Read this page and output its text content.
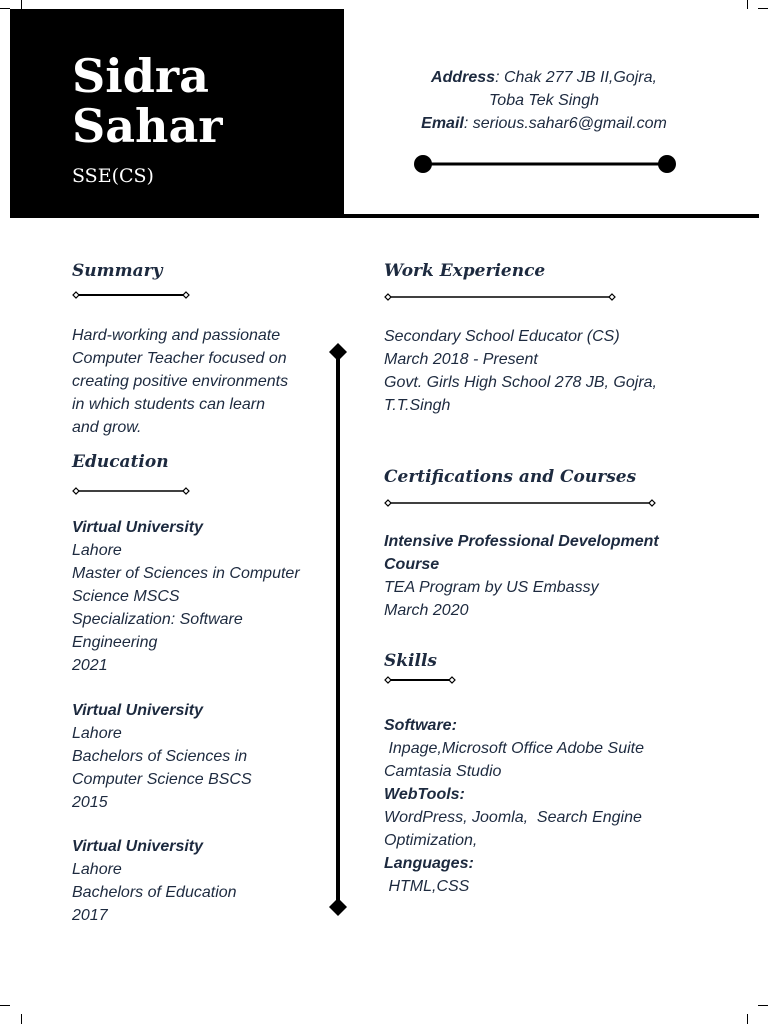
Sidra
Sahar
SSE(CS)
Address: Chak 277 JB II,Gojra,
Toba Tek Singh
Email: serious.sahar6@gmail.com
Summary
Hard-working and passionate
Computer Teacher focused on
creating positive environments
in which students can learn
and grow.
Education
Virtual University
Lahore
Master of Sciences in Computer
Science MSCS
Specialization: Software
Engineering
2021
Virtual University
Lahore
Bachelors of Sciences in
Computer Science BSCS
2015
Virtual University
Lahore
Bachelors of Education
2017
Work Experience
Secondary School Educator (CS)
March 2018 - Present
Govt. Girls High School 278 JB, Gojra,
T.T.Singh
Certifications and Courses
Intensive Professional Development
Course
TEA Program by US Embassy
March 2020
Skills
Software:
Inpage,Microsoft Office Adobe Suite
Camtasia Studio
WebTools:
WordPress, Joomla,  Search Engine
Optimization,
Languages:
HTML,CSS
